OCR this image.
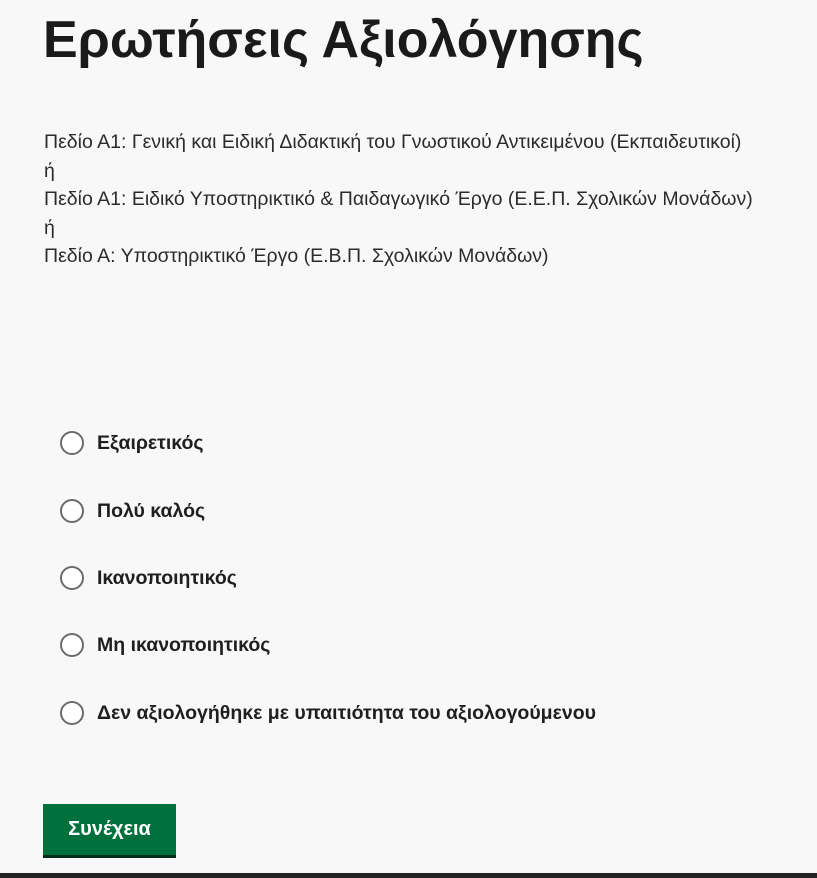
Ερωτήσεις Αξιολόγησης
Πεδίο Α1: Γενική και Ειδική Διδακτική του Γνωστικού Αντικειμένου (Εκπαιδευτικοί)
ή
Πεδίο Α1: Ειδικό Υποστηρικτικό & Παιδαγωγικό Έργο (Ε.Ε.Π. Σχολικών Μονάδων)
ή
Πεδίο Α: Υποστηρικτικό Έργο (Ε.Β.Π. Σχολικών Μονάδων)
Εξαιρετικός
Πολύ καλός
Ικανοποιητικός
Μη ικανοποιητικός
Δεν αξιολογήθηκε με υπαιτιότητα του αξιολογούμενου
Συνέχεια
